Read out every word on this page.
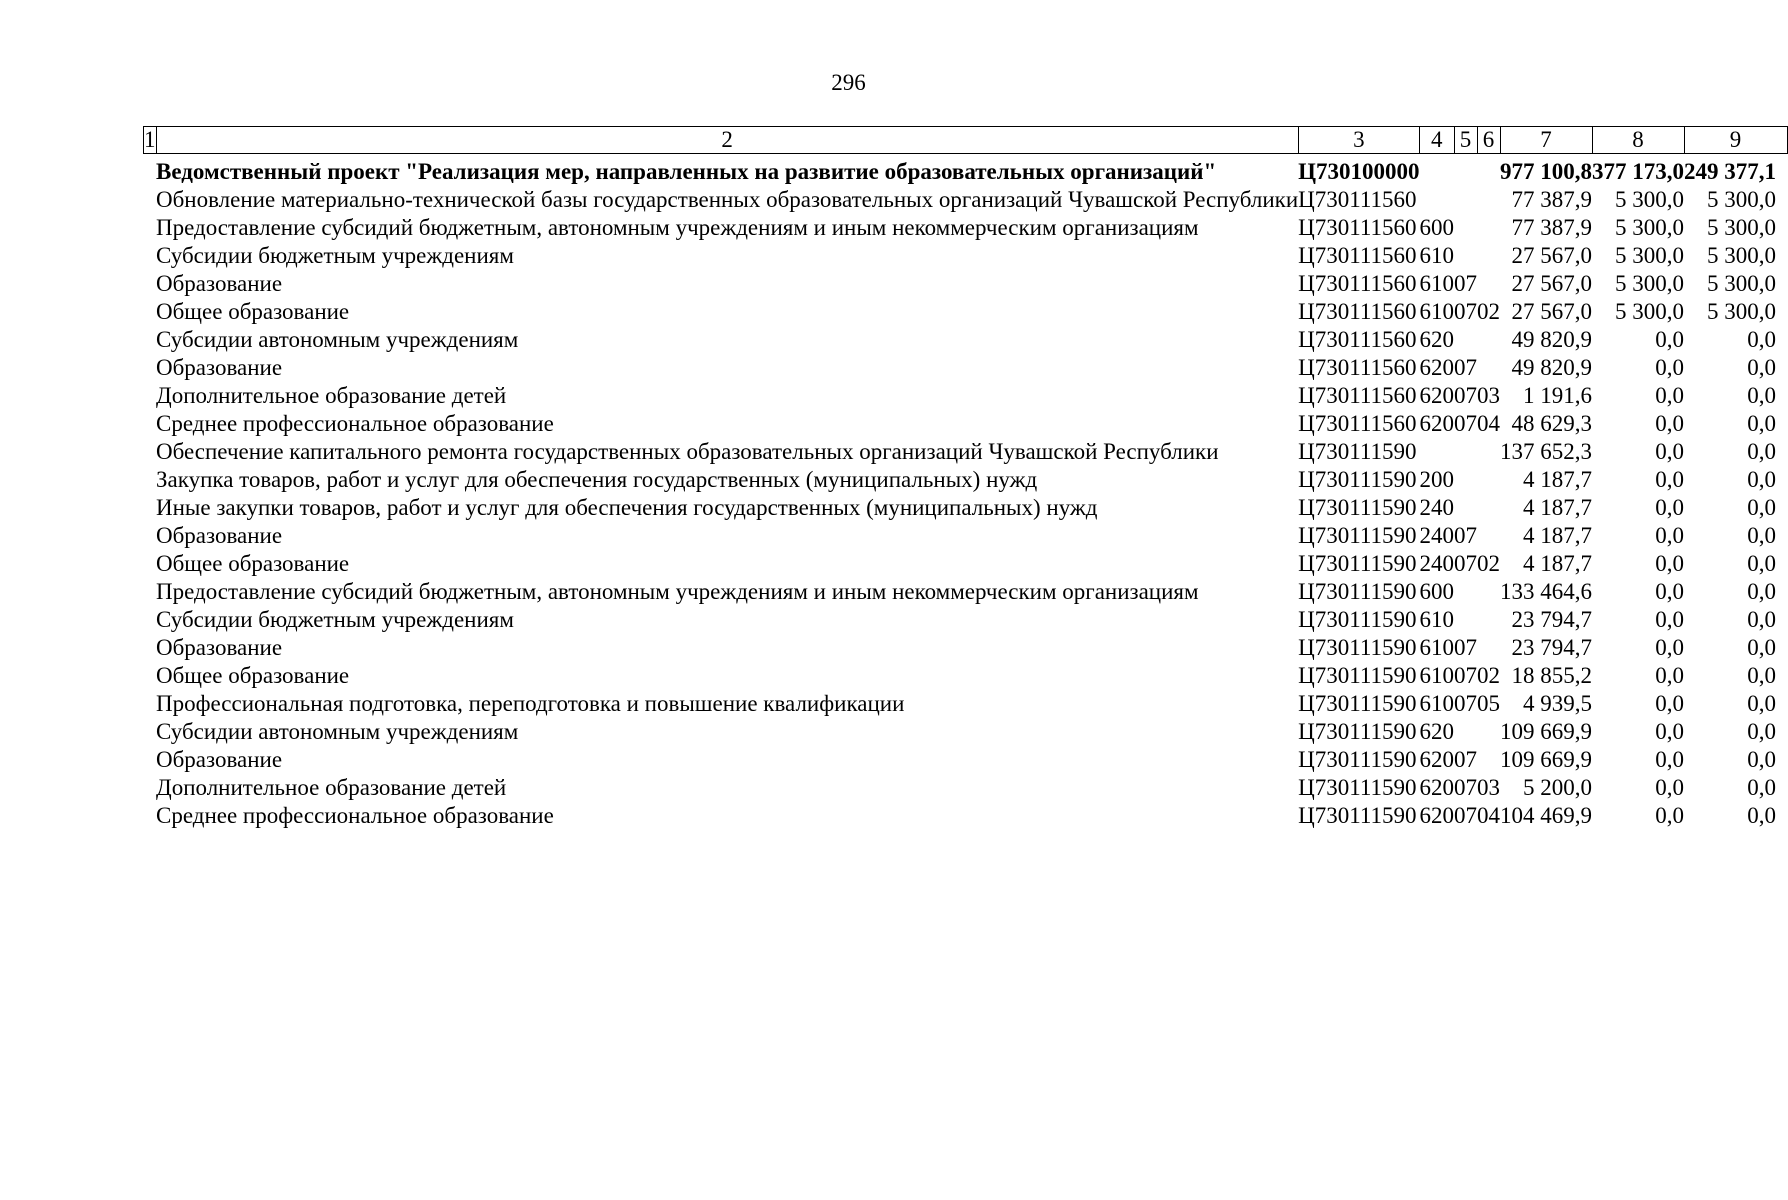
296
1	2	3	4	5	6	7	8	9
	Ведомственный проект "Реализация мер, направленных на развитие образовательных организаций"	Ц730100000				977 100,8	377 173,0	249 377,1
	Обновление материально-технической базы государственных образовательных организаций Чувашской Республики	Ц730111560				77 387,9	5 300,0	5 300,0
	Предоставление субсидий бюджетным, автономным учреждениям и иным некоммерческим организациям	Ц730111560	600			77 387,9	5 300,0	5 300,0
	Субсидии бюджетным учреждениям	Ц730111560	610			27 567,0	5 300,0	5 300,0
	Образование	Ц730111560	610	07		27 567,0	5 300,0	5 300,0
	Общее образование	Ц730111560	610	07	02	27 567,0	5 300,0	5 300,0
	Субсидии автономным учреждениям	Ц730111560	620			49 820,9	0,0	0,0
	Образование	Ц730111560	620	07		49 820,9	0,0	0,0
	Дополнительное образование детей	Ц730111560	620	07	03	1 191,6	0,0	0,0
	Среднее профессиональное образование	Ц730111560	620	07	04	48 629,3	0,0	0,0
	Обеспечение капитального ремонта государственных образовательных организаций Чувашской Республики	Ц730111590				137 652,3	0,0	0,0
	Закупка товаров, работ и услуг для обеспечения государственных (муниципальных) нужд	Ц730111590	200			4 187,7	0,0	0,0
	Иные закупки товаров, работ и услуг для обеспечения государственных (муниципальных) нужд	Ц730111590	240			4 187,7	0,0	0,0
	Образование	Ц730111590	240	07		4 187,7	0,0	0,0
	Общее образование	Ц730111590	240	07	02	4 187,7	0,0	0,0
	Предоставление субсидий бюджетным, автономным учреждениям и иным некоммерческим организациям	Ц730111590	600			133 464,6	0,0	0,0
	Субсидии бюджетным учреждениям	Ц730111590	610			23 794,7	0,0	0,0
	Образование	Ц730111590	610	07		23 794,7	0,0	0,0
	Общее образование	Ц730111590	610	07	02	18 855,2	0,0	0,0
	Профессиональная подготовка, переподготовка и повышение квалификации	Ц730111590	610	07	05	4 939,5	0,0	0,0
	Субсидии автономным учреждениям	Ц730111590	620			109 669,9	0,0	0,0
	Образование	Ц730111590	620	07		109 669,9	0,0	0,0
	Дополнительное образование детей	Ц730111590	620	07	03	5 200,0	0,0	0,0
	Среднее профессиональное образование	Ц730111590	620	07	04	104 469,9	0,0	0,0
